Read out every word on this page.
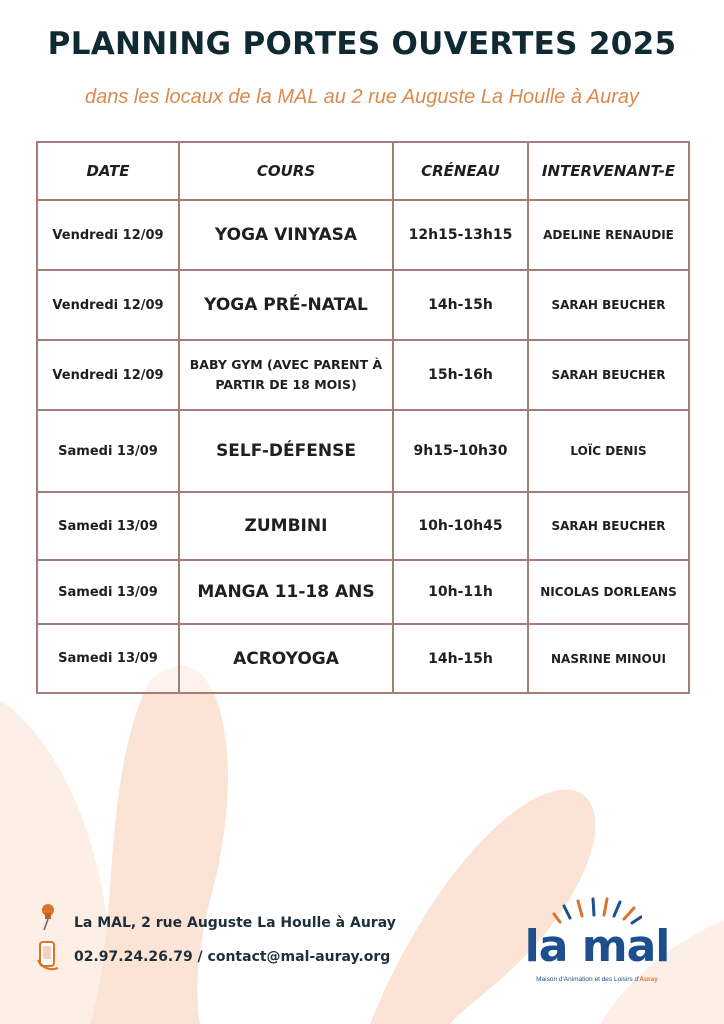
PLANNING PORTES OUVERTES 2025

dans les locaux de la MAL au 2 rue Auguste La Houlle à Auray

DATE	COURS	CRÉNEAU	INTERVENANT-E
Vendredi 12/09	YOGA VINYASA	12h15-13h15	ADELINE RENAUDIE
Vendredi 12/09	YOGA PRÉ-NATAL	14h-15h	SARAH BEUCHER
Vendredi 12/09	BABY GYM (AVEC PARENT À PARTIR DE 18 MOIS)	15h-16h	SARAH BEUCHER
Samedi 13/09	SELF-DÉFENSE	9h15-10h30	LOÏC DENIS
Samedi 13/09	ZUMBINI	10h-10h45	SARAH BEUCHER
Samedi 13/09	MANGA 11-18 ANS	10h-11h	NICOLAS DORLEANS
Samedi 13/09	ACROYOGA	14h-15h	NASRINE MINOUI
La MAL, 2 rue Auguste La Houlle à Auray
02.97.24.26.79 / contact@mal-auray.org	la mal
Maison d'Animation et des Loisirs d'Auray
